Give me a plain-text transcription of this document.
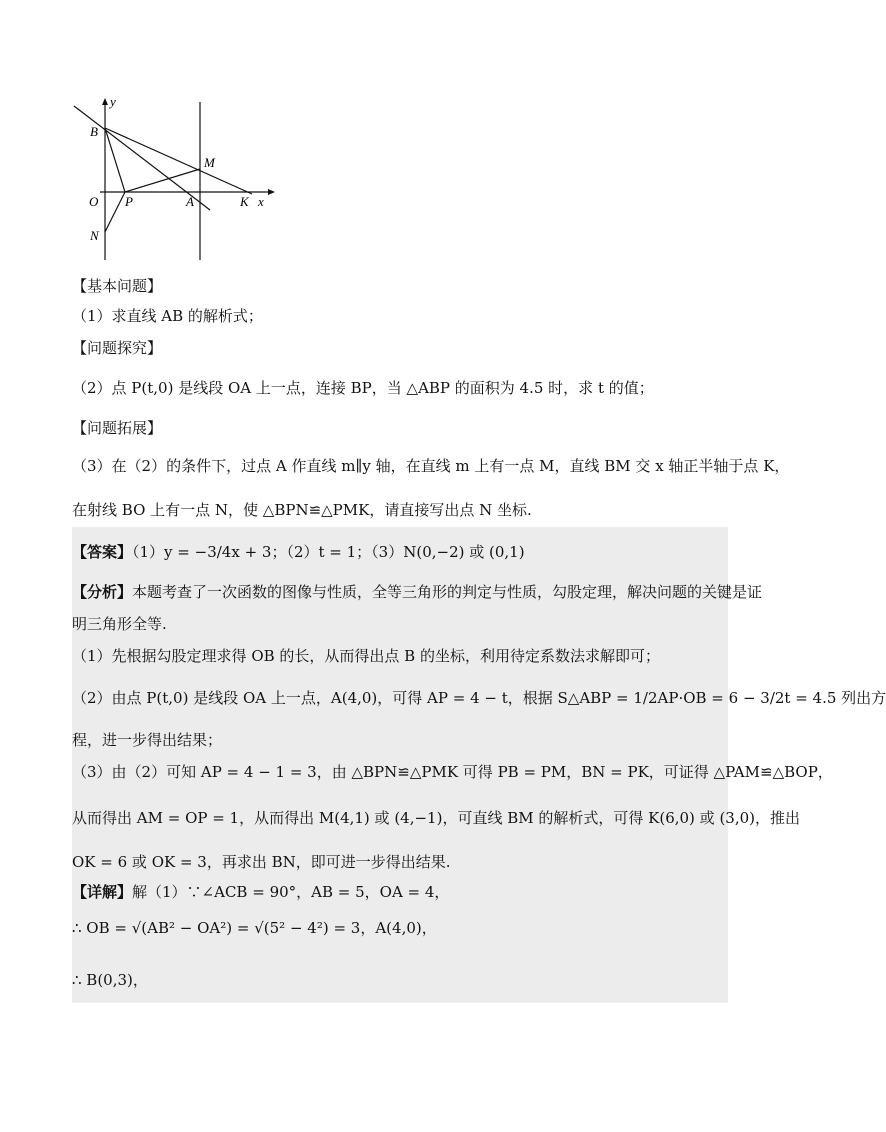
y
B
M
O P	A	K x
N
【基本问题】
（1）求直线 AB 的解析式；
【问题探究】
（2）点 P(t,0) 是线段 OA 上一点，连接 BP，当 △ABP 的面积为 4.5 时，求 t 的值；
【问题拓展】
（3）在（2）的条件下，过点 A 作直线 m∥y 轴，在直线 m 上有一点 M，直线 BM 交 x 轴正半轴于点 K，
在射线 BO 上有一点 N，使 △BPN≌△PMK，请直接写出点 N 坐标.
【答案】（1）y = −3/4x + 3；（2）t = 1；（3）N(0,−2) 或 (0,1)
【分析】本题考查了一次函数的图像与性质，全等三角形的判定与性质，勾股定理，解决问题的关键是证
明三角形全等.
（1）先根据勾股定理求得 OB 的长，从而得出点 B 的坐标，利用待定系数法求解即可；
（2）由点 P(t,0) 是线段 OA 上一点，A(4,0)，可得 AP = 4 − t，根据 S△ABP = 1/2AP·OB = 6 − 3/2t = 4.5 列出方
程，进一步得出结果；
（3）由（2）可知 AP = 4 − 1 = 3，由 △BPN≌△PMK 可得 PB = PM，BN = PK，可证得 △PAM≌△BOP，
从而得出 AM = OP = 1，从而得出 M(4,1) 或 (4,−1)，可直线 BM 的解析式，可得 K(6,0) 或 (3,0)，推出
OK = 6 或 OK = 3，再求出 BN，即可进一步得出结果.
【详解】解（1）∵∠ACB = 90°，AB = 5，OA = 4，
∴ OB = √(AB² − OA²) = √(5² − 4²) = 3，A(4,0)，
∴ B(0,3)，
